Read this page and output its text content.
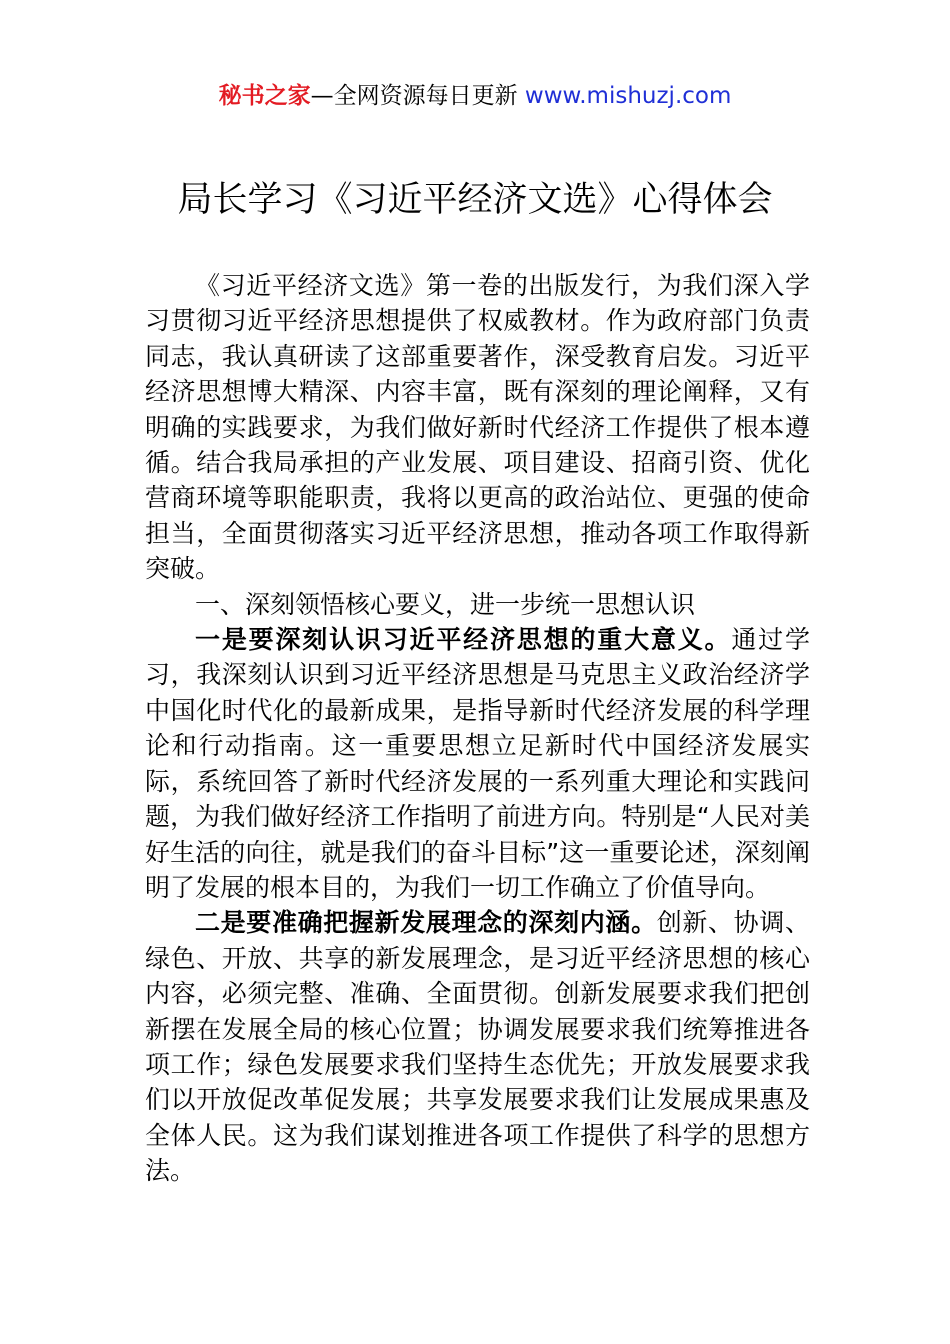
秘书之家—全网资源每日更新 www.mishuzj.com
局长学习《习近平经济文选》心得体会

《习近平经济文选》第一卷的出版发行，为我们深入学习贯彻习近平经济思想提供了权威教材。作为政府部门负责同志，我认真研读了这部重要著作，深受教育启发。习近平经济思想博大精深、内容丰富，既有深刻的理论阐释，又有明确的实践要求，为我们做好新时代经济工作提供了根本遵循。结合我局承担的产业发展、项目建设、招商引资、优化营商环境等职能职责，我将以更高的政治站位、更强的使命担当，全面贯彻落实习近平经济思想，推动各项工作取得新突破。

一、深刻领悟核心要义，进一步统一思想认识

一是要深刻认识习近平经济思想的重大意义。通过学习，我深刻认识到习近平经济思想是马克思主义政治经济学中国化时代化的最新成果，是指导新时代经济发展的科学理论和行动指南。这一重要思想立足新时代中国经济发展实际，系统回答了新时代经济发展的一系列重大理论和实践问题，为我们做好经济工作指明了前进方向。特别是“人民对美好生活的向往，就是我们的奋斗目标”这一重要论述，深刻阐明了发展的根本目的，为我们一切工作确立了价值导向。

二是要准确把握新发展理念的深刻内涵。创新、协调、绿色、开放、共享的新发展理念，是习近平经济思想的核心内容，必须完整、准确、全面贯彻。创新发展要求我们把创新摆在发展全局的核心位置；协调发展要求我们统筹推进各项工作；绿色发展要求我们坚持生态优先；开放发展要求我们以开放促改革促发展；共享发展要求我们让发展成果惠及全体人民。这为我们谋划推进各项工作提供了科学的思想方法。
